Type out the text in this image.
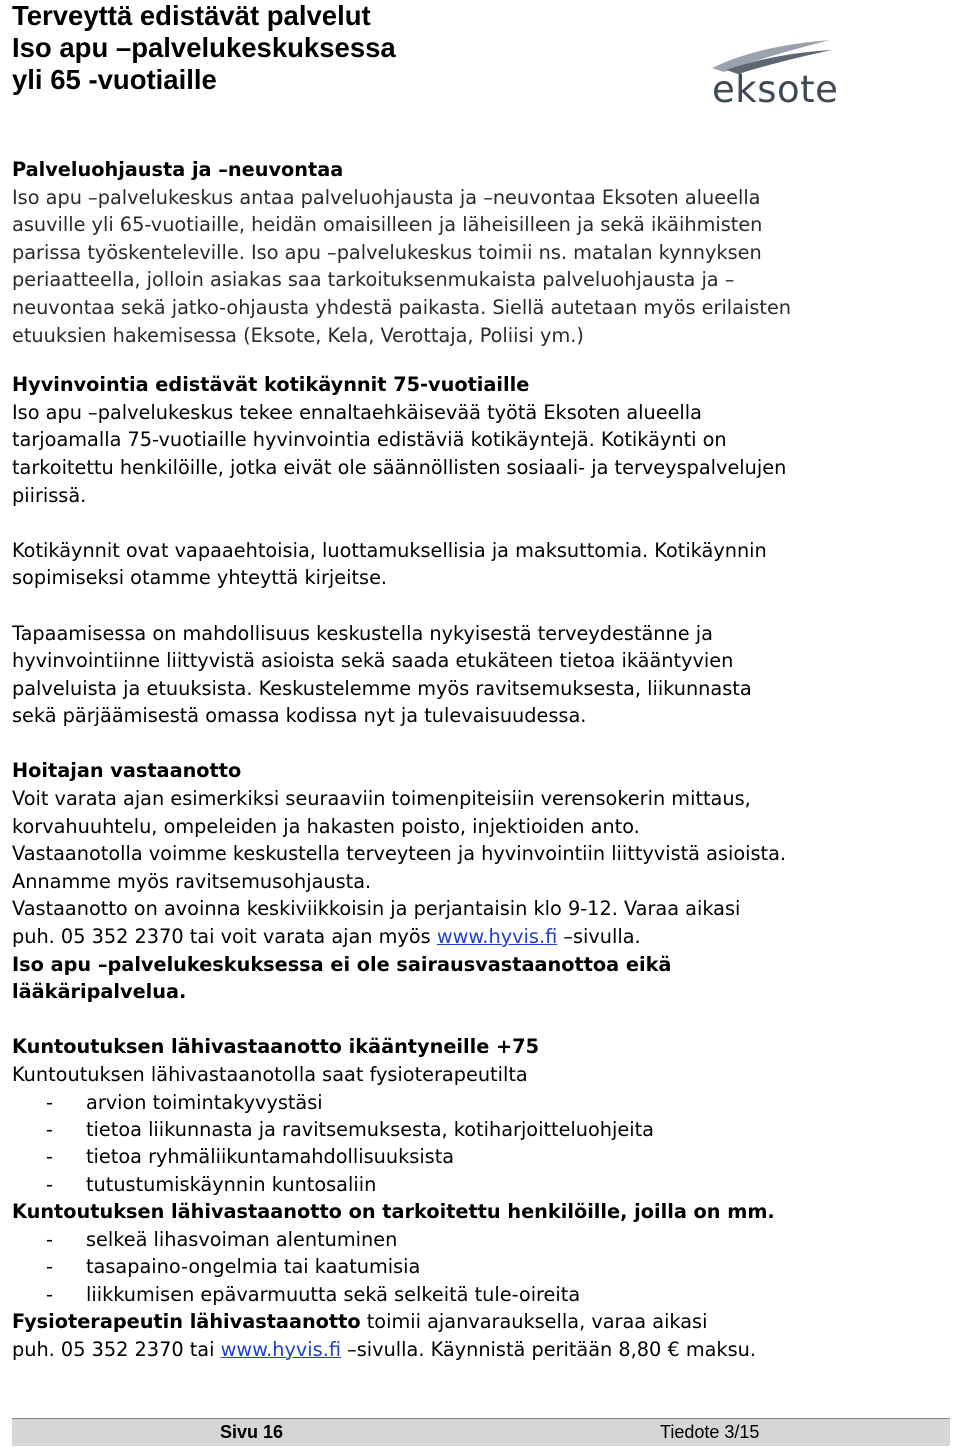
Terveyttä edistävät palvelut

Iso apu –palvelukeskuksessa

yli 65 -vuotiaille	eksote

Palveluohjausta ja –neuvontaa

Iso apu –palvelukeskus antaa palveluohjausta ja –neuvontaa Eksoten alueella

asuville yli 65-vuotiaille, heidän omaisilleen ja läheisilleen ja sekä ikäihmisten

parissa työskenteleville. Iso apu –palvelukeskus toimii ns. matalan kynnyksen

periaatteella, jolloin asiakas saa tarkoituksenmukaista palveluohjausta ja –

neuvontaa sekä jatko-ohjausta yhdestä paikasta. Siellä autetaan myös erilaisten

etuuksien hakemisessa (Eksote, Kela, Verottaja, Poliisi ym.)

Hyvinvointia edistävät kotikäynnit 75-vuotiaille

Iso apu –palvelukeskus tekee ennaltaehkäisevää työtä Eksoten alueella

tarjoamalla 75-vuotiaille hyvinvointia edistäviä kotikäyntejä. Kotikäynti on

tarkoitettu henkilöille, jotka eivät ole säännöllisten sosiaali- ja terveyspalvelujen

piirissä.

Kotikäynnit ovat vapaaehtoisia, luottamuksellisia ja maksuttomia. Kotikäynnin

sopimiseksi otamme yhteyttä kirjeitse.

Tapaamisessa on mahdollisuus keskustella nykyisestä terveydestänne ja

hyvinvointiinne liittyvistä asioista sekä saada etukäteen tietoa ikääntyvien

palveluista ja etuuksista. Keskustelemme myös ravitsemuksesta, liikunnasta

sekä pärjäämisestä omassa kodissa nyt ja tulevaisuudessa.

Hoitajan vastaanotto

Voit varata ajan esimerkiksi seuraaviin toimenpiteisiin verensokerin mittaus,

korvahuuhtelu, ompeleiden ja hakasten poisto, injektioiden anto.

Vastaanotolla voimme keskustella terveyteen ja hyvinvointiin liittyvistä asioista.

Annamme myös ravitsemusohjausta.

Vastaanotto on avoinna keskiviikkoisin ja perjantaisin klo 9-12. Varaa aikasi

puh. 05 352 2370 tai voit varata ajan myös www.hyvis.fi –sivulla.

Iso apu –palvelukeskuksessa ei ole sairausvastaanottoa eikä

lääkäripalvelua.

Kuntoutuksen lähivastaanotto ikääntyneille +75

Kuntoutuksen lähivastaanotolla saat fysioterapeutilta

-	arvion toimintakyvystäsi
-	tietoa liikunnasta ja ravitsemuksesta, kotiharjoitteluohjeita
-	tietoa ryhmäliikuntamahdollisuuksista
-	tutustumiskäynnin kuntosaliin

Kuntoutuksen lähivastaanotto on tarkoitettu henkilöille, joilla on mm.

-	selkeä lihasvoiman alentuminen
-	tasapaino-ongelmia tai kaatumisia
-	liikkumisen epävarmuutta sekä selkeitä tule-oireita

Fysioterapeutin lähivastaanotto toimii ajanvarauksella, varaa aikasi

puh. 05 352 2370 tai www.hyvis.fi –sivulla. Käynnistä peritään 8,80 € maksu.

Sivu 16	Tiedote 3/15
